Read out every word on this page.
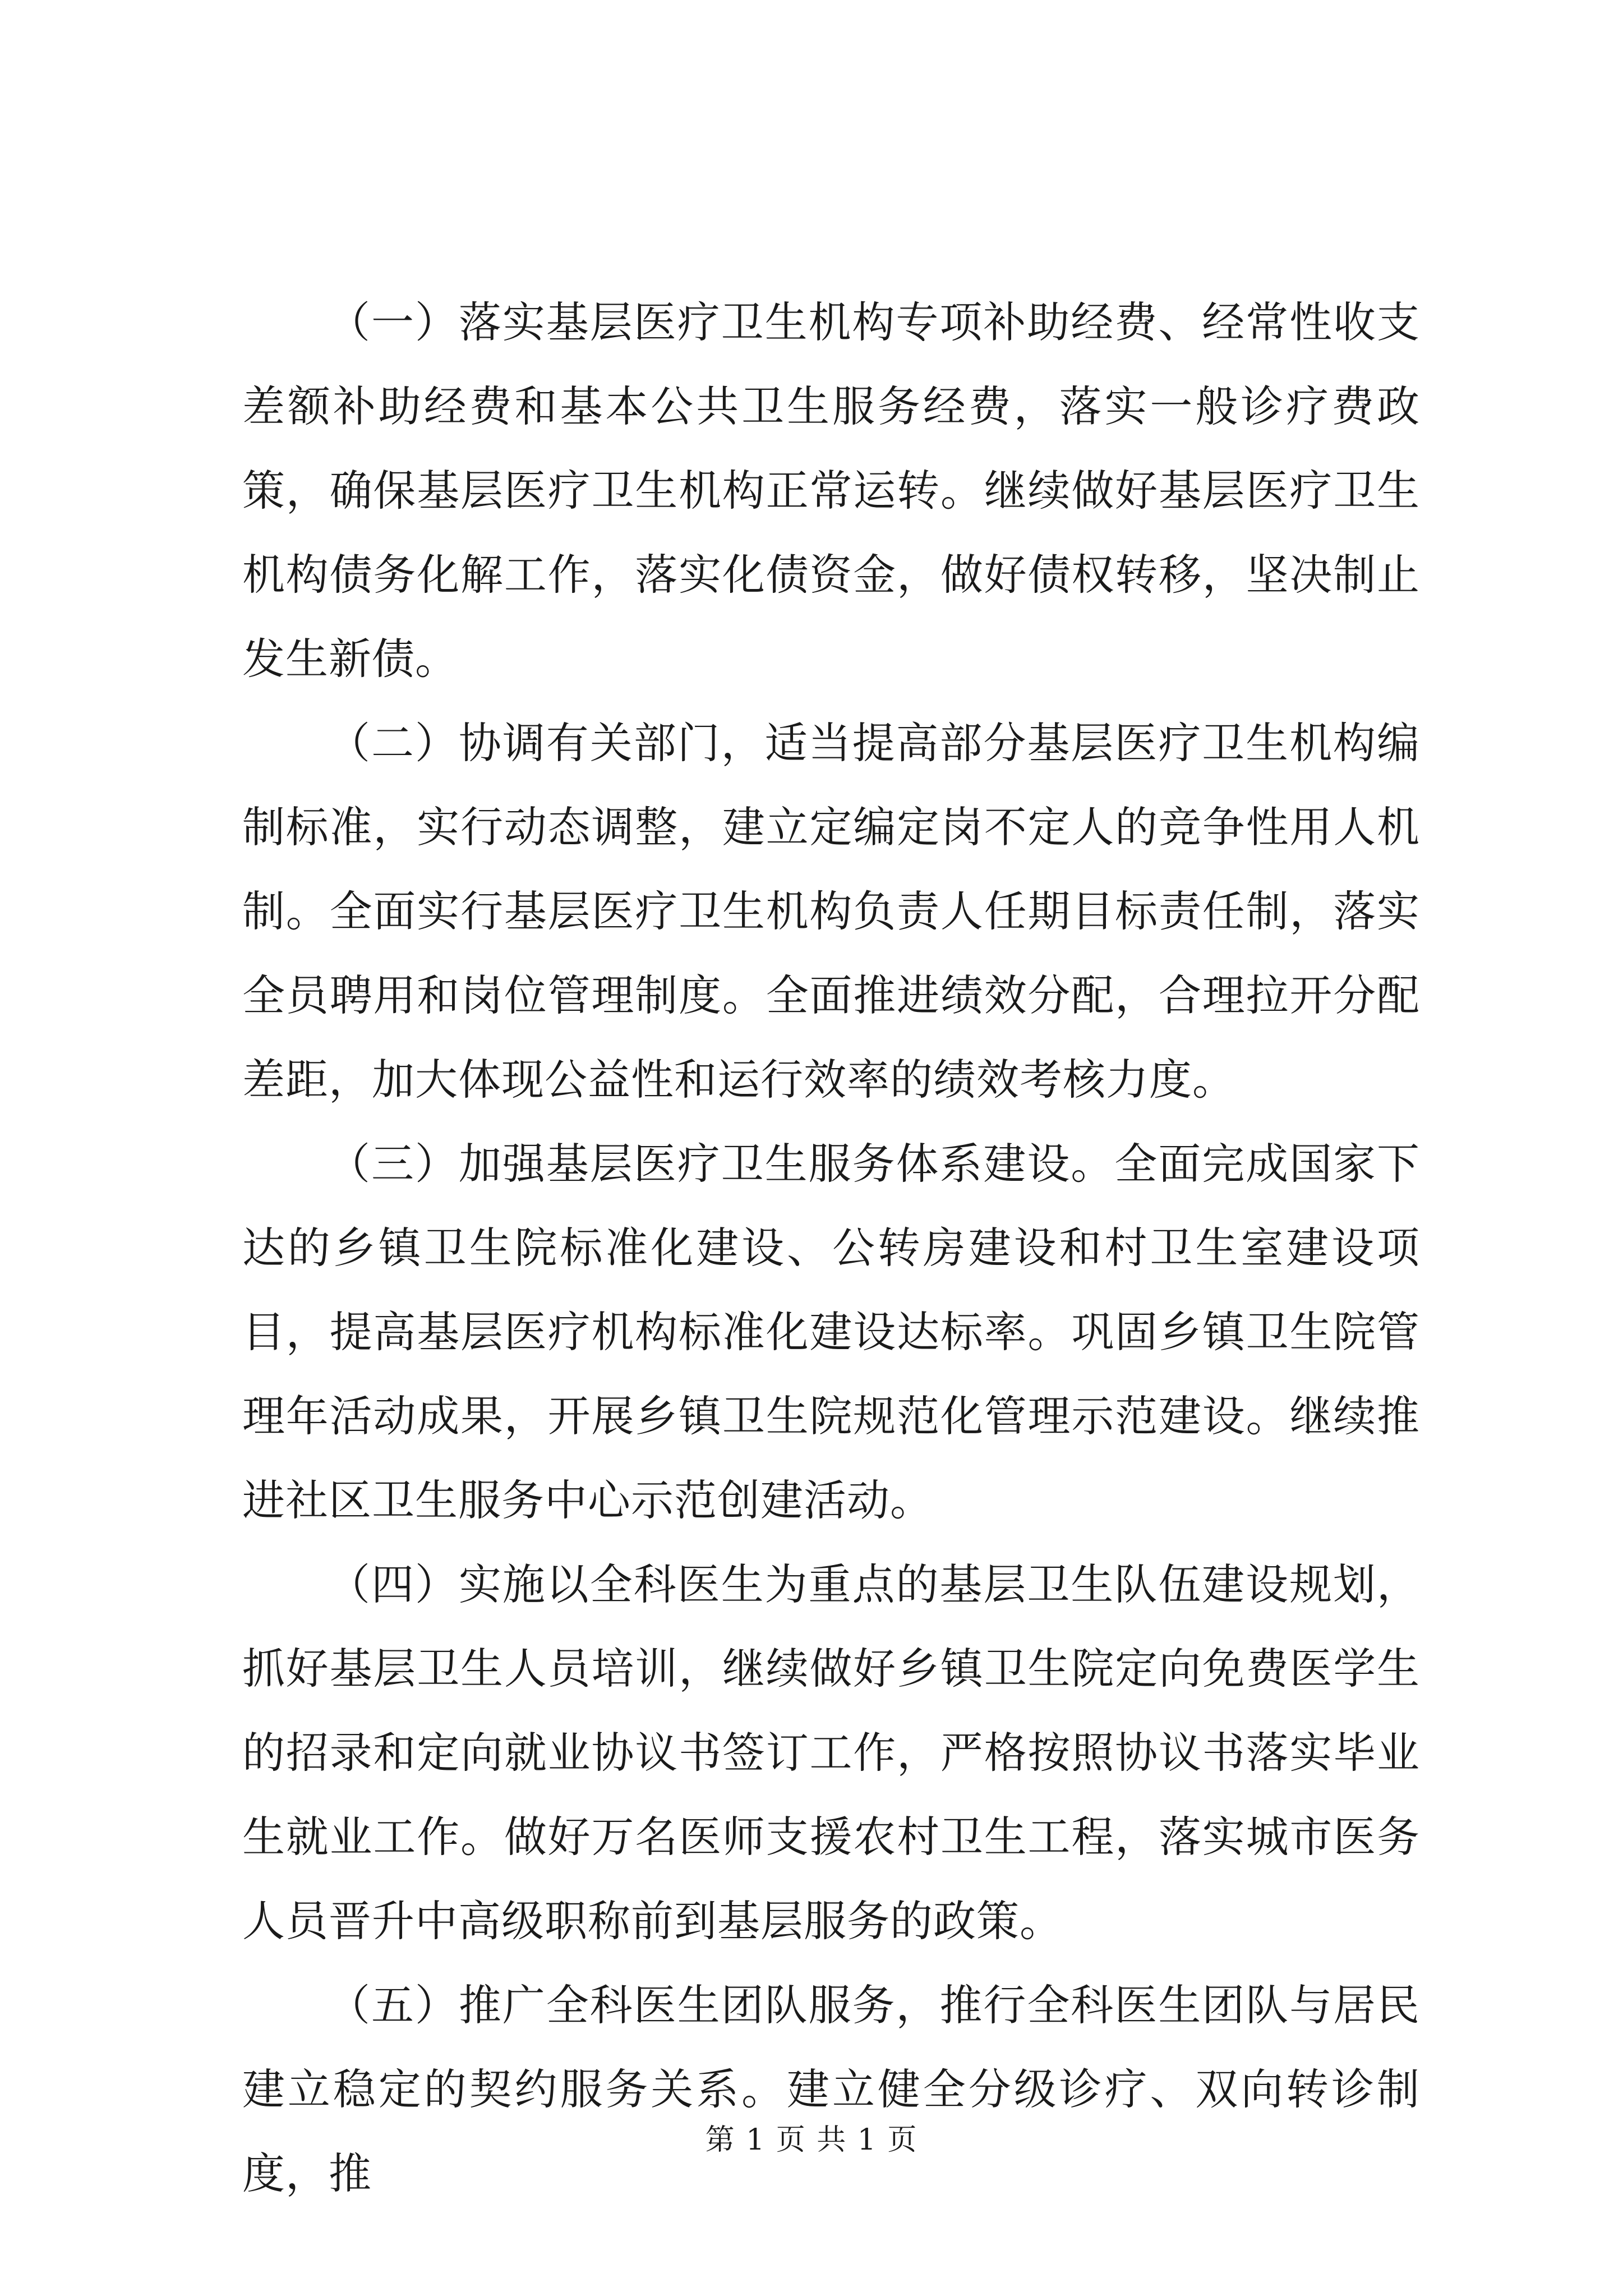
（一）落实基层医疗卫生机构专项补助经费、经常性收支差额补助经费和基本公共卫生服务经费，落实一般诊疗费政策，确保基层医疗卫生机构正常运转。继续做好基层医疗卫生机构债务化解工作，落实化债资金，做好债权转移，坚决制止发生新债。

（二）协调有关部门，适当提高部分基层医疗卫生机构编制标准，实行动态调整，建立定编定岗不定人的竞争性用人机制。全面实行基层医疗卫生机构负责人任期目标责任制，落实全员聘用和岗位管理制度。全面推进绩效分配，合理拉开分配差距，加大体现公益性和运行效率的绩效考核力度。

（三）加强基层医疗卫生服务体系建设。全面完成国家下达的乡镇卫生院标准化建设、公转房建设和村卫生室建设项目，提高基层医疗机构标准化建设达标率。巩固乡镇卫生院管理年活动成果，开展乡镇卫生院规范化管理示范建设。继续推进社区卫生服务中心示范创建活动。

（四）实施以全科医生为重点的基层卫生队伍建设规划，抓好基层卫生人员培训，继续做好乡镇卫生院定向免费医学生的招录和定向就业协议书签订工作，严格按照协议书落实毕业生就业工作。做好万名医师支援农村卫生工程，落实城市医务人员晋升中高级职称前到基层服务的政策。

（五）推广全科医生团队服务，推行全科医生团队与居民建立稳定的契约服务关系。建立健全分级诊疗、双向转诊制度，推

第 1 页 共 1 页
